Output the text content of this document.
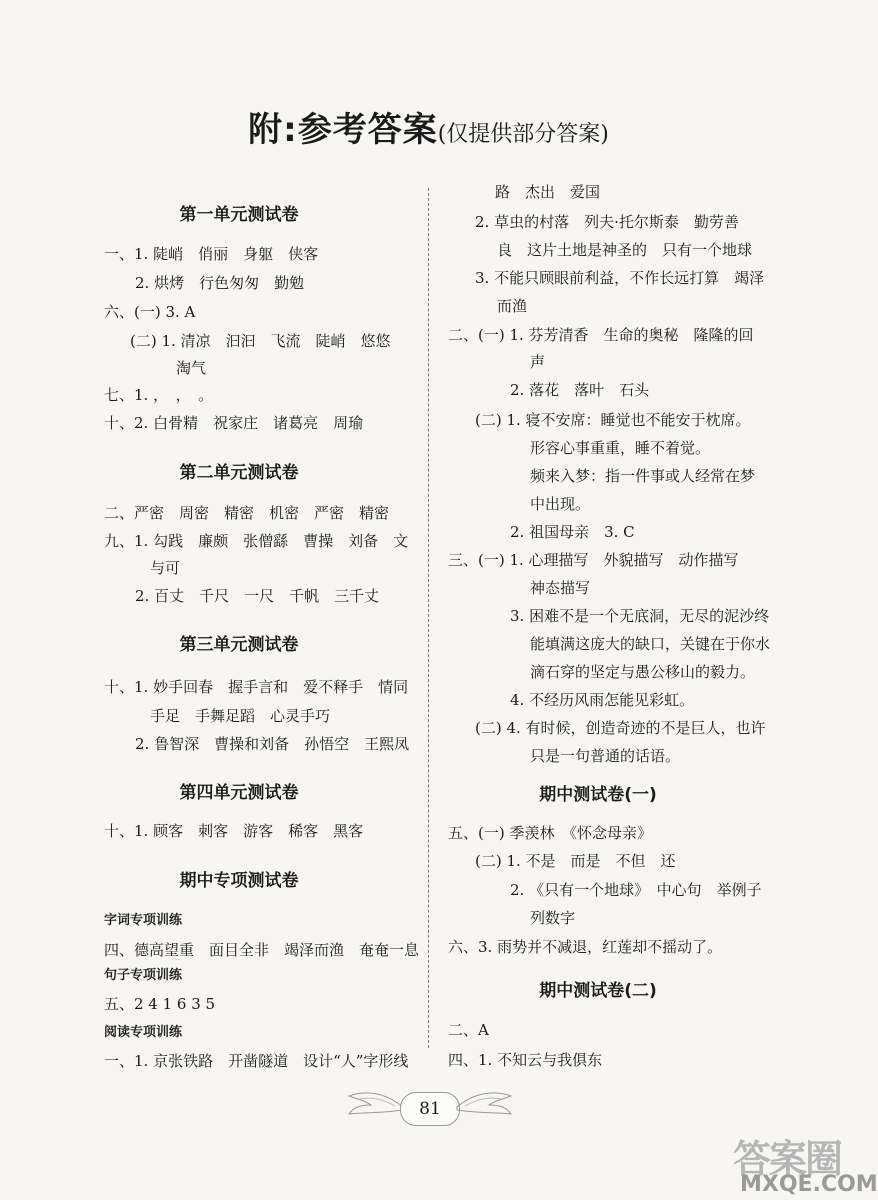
附:参考答案(仅提供部分答案)
第一单元测试卷
一、1. 陡峭　俏丽　身躯　侠客
2. 烘烤　行色匆匆　勤勉
六、(一) 3. A
(二) 1. 清凉　汩汩　飞流　陡峭　悠悠
淘气
七、1. ，　，　。
十、2. 白骨精　祝家庄　诸葛亮　周瑜
第二单元测试卷
二、严密　周密　精密　机密　严密　精密
九、1. 勾践　廉颇　张僧繇　曹操　刘备　文
与可
2. 百丈　千尺　一尺　千帆　三千丈
第三单元测试卷
十、1. 妙手回春　握手言和　爱不释手　情同
手足　手舞足蹈　心灵手巧
2. 鲁智深　曹操和刘备　孙悟空　王熙凤
第四单元测试卷
十、1. 顾客　刺客　游客　稀客　黑客
期中专项测试卷
字词专项训练
四、德高望重　面目全非　竭泽而渔　奄奄一息
句子专项训练
五、2 4 1 6 3 5
阅读专项训练
一、1. 京张铁路　开凿隧道　设计“人”字形线
路　杰出　爱国
2. 草虫的村落　列夫·托尔斯泰　勤劳善
良　这片土地是神圣的　只有一个地球
3. 不能只顾眼前利益，不作长远打算　竭泽
而渔
二、(一) 1. 芬芳清香　生命的奥秘　隆隆的回
声
2. 落花　落叶　石头
(二) 1. 寝不安席：睡觉也不能安于枕席。
形容心事重重，睡不着觉。
频来入梦：指一件事或人经常在梦
中出现。
2. 祖国母亲　3. C
三、(一) 1. 心理描写　外貌描写　动作描写
神态描写
3. 困难不是一个无底洞，无尽的泥沙终
能填满这庞大的缺口，关键在于你水
滴石穿的坚定与愚公移山的毅力。
4. 不经历风雨怎能见彩虹。
(二) 4. 有时候，创造奇迹的不是巨人，也许
只是一句普通的话语。
期中测试卷(一)
五、(一) 季羡林　《怀念母亲》
(二) 1. 不是　而是　不但　还
2. 《只有一个地球》　中心句　举例子
列数字
六、3. 雨势并不减退，红莲却不摇动了。
期中测试卷(二)
二、A
四、1. 不知云与我俱东
81
答案圈
MXQE.COM
